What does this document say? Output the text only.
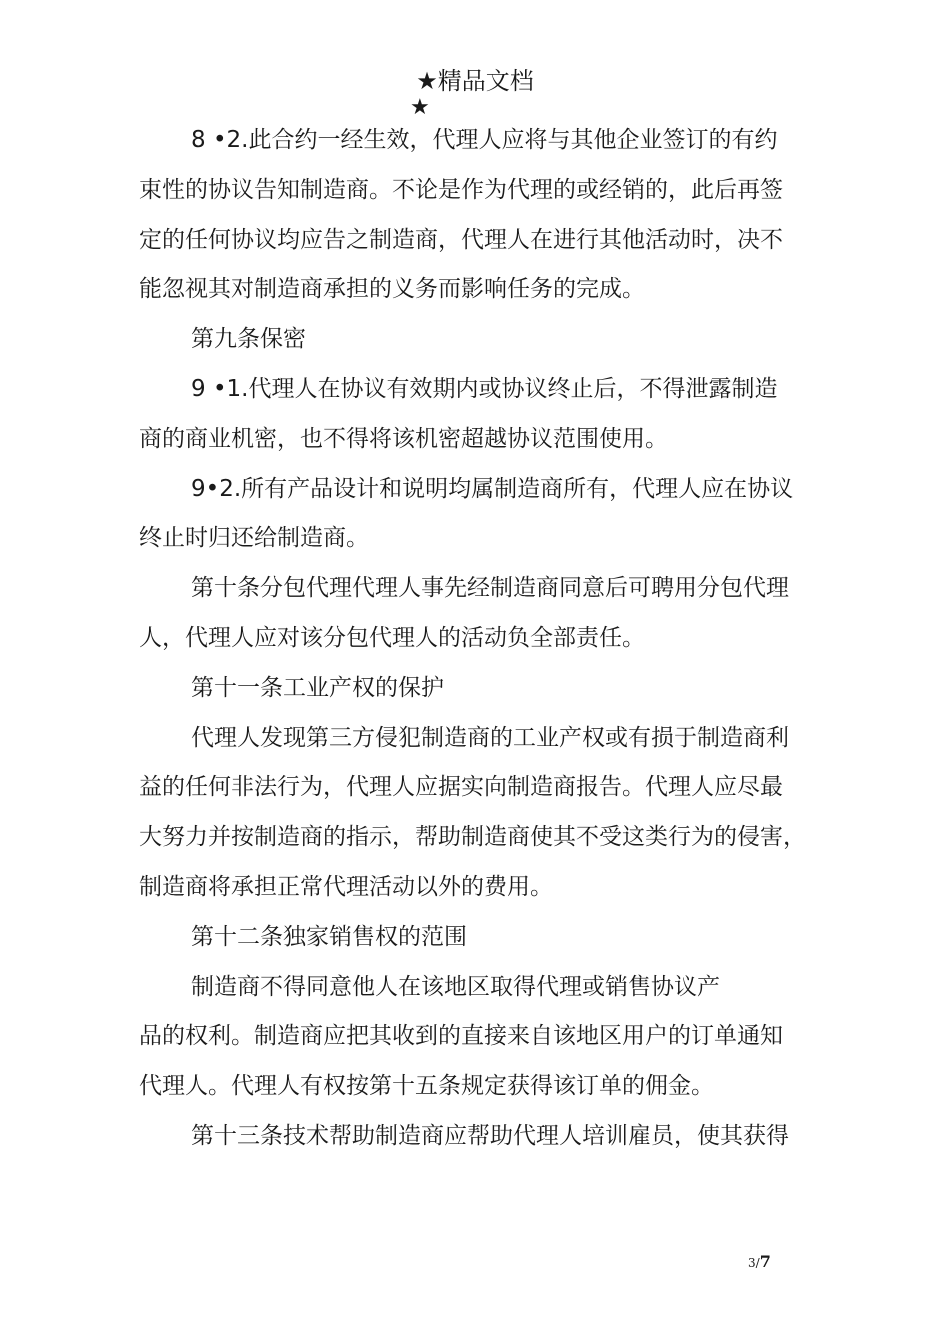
★精品文档
★
8 •2.此合约一经生效，代理人应将与其他企业签订的有约
束性的协议告知制造商。不论是作为代理的或经销的，此后再签
定的任何协议均应告之制造商，代理人在进行其他活动时，决不
能忽视其对制造商承担的义务而影响任务的完成。
第九条保密
9 •1.代理人在协议有效期内或协议终止后，不得泄露制造
商的商业机密，也不得将该机密超越协议范围使用。
9•2.所有产品设计和说明均属制造商所有，代理人应在协议
终止时归还给制造商。
第十条分包代理代理人事先经制造商同意后可聘用分包代理
人，代理人应对该分包代理人的活动负全部责任。
第十一条工业产权的保护
代理人发现第三方侵犯制造商的工业产权或有损于制造商利
益的任何非法行为，代理人应据实向制造商报告。代理人应尽最
大努力并按制造商的指示，帮助制造商使其不受这类行为的侵害，
制造商将承担正常代理活动以外的费用。
第十二条独家销售权的范围
制造商不得同意他人在该地区取得代理或销售协议产
品的权利。制造商应把其收到的直接来自该地区用户的订单通知
代理人。代理人有权按第十五条规定获得该订单的佣金。
第十三条技术帮助制造商应帮助代理人培训雇员，使其获得
3/7
